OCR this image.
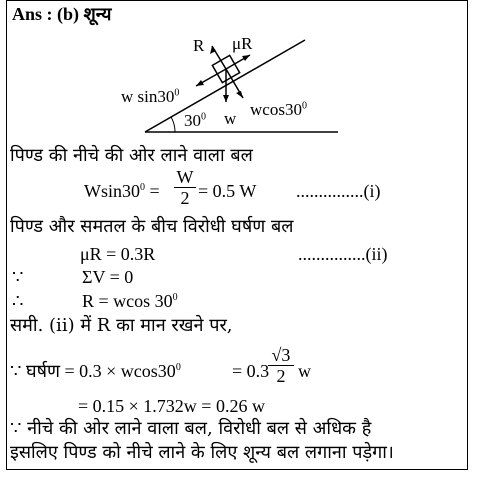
Ans : (b) शून्य
R μR
w $\sin 30^0$
$30^0$ w $wcos30^0$
पिण्ड की नीचे की ओर लाने वाला बल
$Wsin30^0 = \frac{W}{2} = 0.5$ W ...............(i)
पिण्ड और समतल के बीच विरोधी घर्षण बल
μR = 0.3R	...............(ii)
∵	ΣV = 0
∴	R = wcos $30^0$
समी. (ii) में R का मान रखने पर,
∵ घर्षण = $0.3 \times wcos30^0$	= 0.3
$\frac{√3}{2}$ w
= 0.15 × 1.732w = 0.26 w
∵ नीचे की ओर लाने वाला बल, विरोधी बल से अधिक है
इसलिए पिण्ड को नीचे लाने के लिए शून्य बल लगाना पड़ेगा।
